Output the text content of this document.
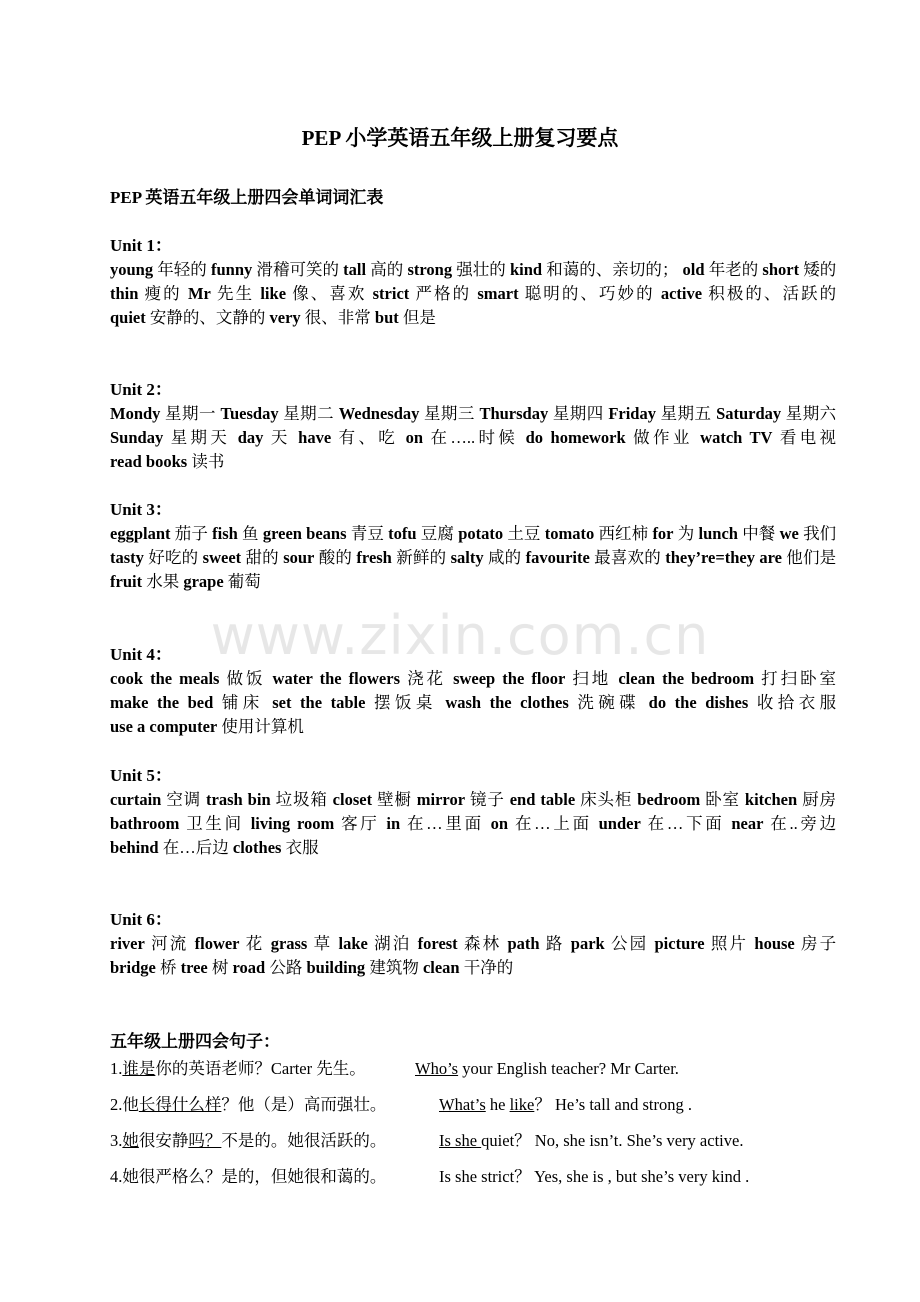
PEP 小学英语五年级上册复习要点
PEP 英语五年级上册四会单词词汇表
Unit 1：
young 年轻的 funny 滑稽可笑的 tall 高的 strong 强壮的 kind 和蔼的、亲切的； old 年老的 short 矮的 thin 瘦的 Mr 先生 like 像、喜欢 strict 严格的 smart 聪明的、巧妙的 active 积极的、活跃的 quiet 安静的、文静的 very 很、非常 but 但是
Unit 2：
Mondy 星期一 Tuesday 星期二 Wednesday 星期三 Thursday 星期四 Friday 星期五 Saturday 星期六 Sunday 星期天 day 天 have 有、吃 on 在…..时候 do homework 做作业 watch TV 看电视 read books 读书
Unit 3：
eggplant 茄子 fish 鱼 green beans 青豆 tofu 豆腐 potato 土豆 tomato 西红柿 for 为 lunch 中餐 we 我们 tasty 好吃的 sweet 甜的 sour 酸的 fresh 新鲜的 salty 咸的 favourite 最喜欢的 they’re=they are 他们是 fruit 水果 grape 葡萄
Unit 4：
cook the meals 做饭 water the flowers 浇花 sweep the floor 扫地 clean the bedroom 打扫卧室 make the bed 铺床 set the table 摆饭桌 wash the clothes 洗碗碟 do the dishes 收拾衣服 use a computer 使用计算机
Unit 5：
curtain 空调 trash bin 垃圾箱 closet 壁橱 mirror 镜子 end table 床头柜 bedroom 卧室 kitchen 厨房 bathroom 卫生间 living room 客厅 in 在…里面 on 在…上面 under 在…下面 near 在..旁边 behind 在…后边 clothes 衣服
Unit 6：
river 河流 flower 花 grass 草 lake 湖泊 forest 森林 path 路 park 公园 picture 照片 house 房子 bridge 桥 tree 树 road 公路 building 建筑物 clean 干净的
五年级上册四会句子：
1.谁是你的英语老师？Carter 先生。	Who’s your English teacher? Mr Carter.
2.他长得什么样？他（是）高而强壮。	What’s he like？ He’s tall and strong .
3.她很安静吗？不是的。她很活跃的。	Is she quiet？ No, she isn’t. She’s very active.
4.她很严格么？是的，但她很和蔼的。	Is she strict？ Yes, she is , but she’s very kind .
www.zixin.com.cn
